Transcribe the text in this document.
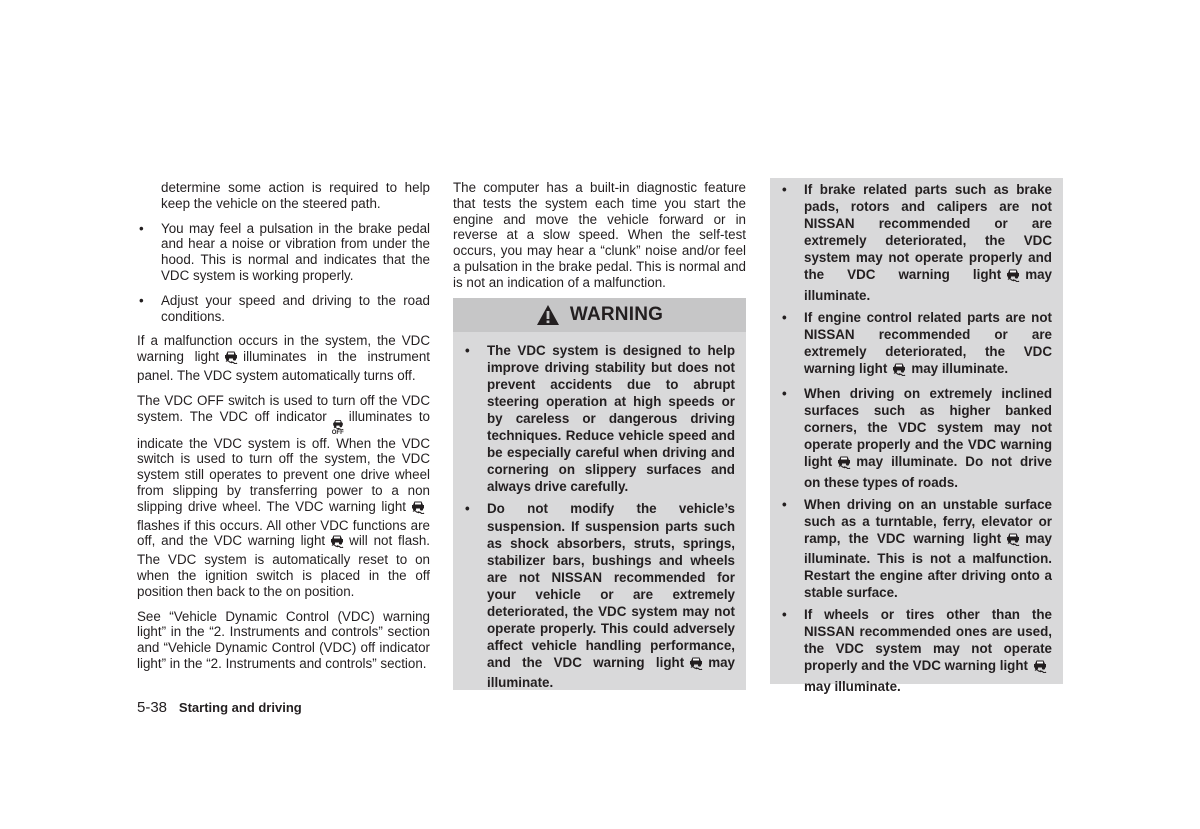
determine some action is required to help keep the vehicle on the steered path.

• You may feel a pulsation in the brake pedal and hear a noise or vibration from under the hood. This is normal and indicates that the VDC system is working properly.
• Adjust your speed and driving to the road conditions.

If a malfunction occurs in the system, the VDC warning light illuminates in the instrument panel. The VDC system automatically turns off.

The VDC OFF switch is used to turn off the VDC system. The VDC off indicator
OFF
illuminates to indicate the VDC system is off. When the VDC switch is used to turn off the system, the VDC system still operates to prevent one drive wheel from slipping by transferring power to a non slipping drive wheel. The VDC warning lightflashes if this occurs. All other VDC functions are off, and the VDC warning light will not flash. The VDC system is automatically reset to on when the ignition switch is placed in the off position then back to the on position.

See “Vehicle Dynamic Control (VDC) warning light” in the “2. Instruments and controls” section and “Vehicle Dynamic Control (VDC) off indicator light” in the “2. Instruments and controls” section.

The computer has a built-in diagnostic feature that tests the system each time you start the engine and move the vehicle forward or in reverse at a slow speed. When the self-test occurs, you may hear a “clunk” noise and/or feel a pulsation in the brake pedal. This is normal and is not an indication of a malfunction.

WARNING
• The VDC system is designed to help improve driving stability but does not prevent accidents due to abrupt steering operation at high speeds or by careless or dangerous driving techniques. Reduce vehicle speed and be especially careful when driving and cornering on slippery surfaces and always drive carefully.
• Do not modify the vehicle’s suspension. If suspension parts such as shock absorbers, struts, springs, stabilizer bars, bushings and wheels are not NISSAN recommended for your vehicle or are extremely deteriorated, the VDC system may not operate properly. This could adversely affect vehicle handling performance, and the VDC warning light may illuminate.
• If brake related parts such as brake pads, rotors and calipers are not NISSAN recommended or are extremely deteriorated, the VDC system may not operate properly and the VDC warning light may illuminate.
• If engine control related parts are not NISSAN recommended or are extremely deteriorated, the VDC warning light may illuminate.
• When driving on extremely inclined surfaces such as higher banked corners, the VDC system may not operate properly and the VDC warning light may illuminate. Do not drive on these types of roads.
• When driving on an unstable surface such as a turntable, ferry, elevator or ramp, the VDC warning light may illuminate. This is not a malfunction. Restart the engine after driving onto a stable surface.
• If wheels or tires other than the NISSAN recommended ones are used, the VDC system may not operate properly and the VDC warning lightmay illuminate.
5-38 Starting and driving
